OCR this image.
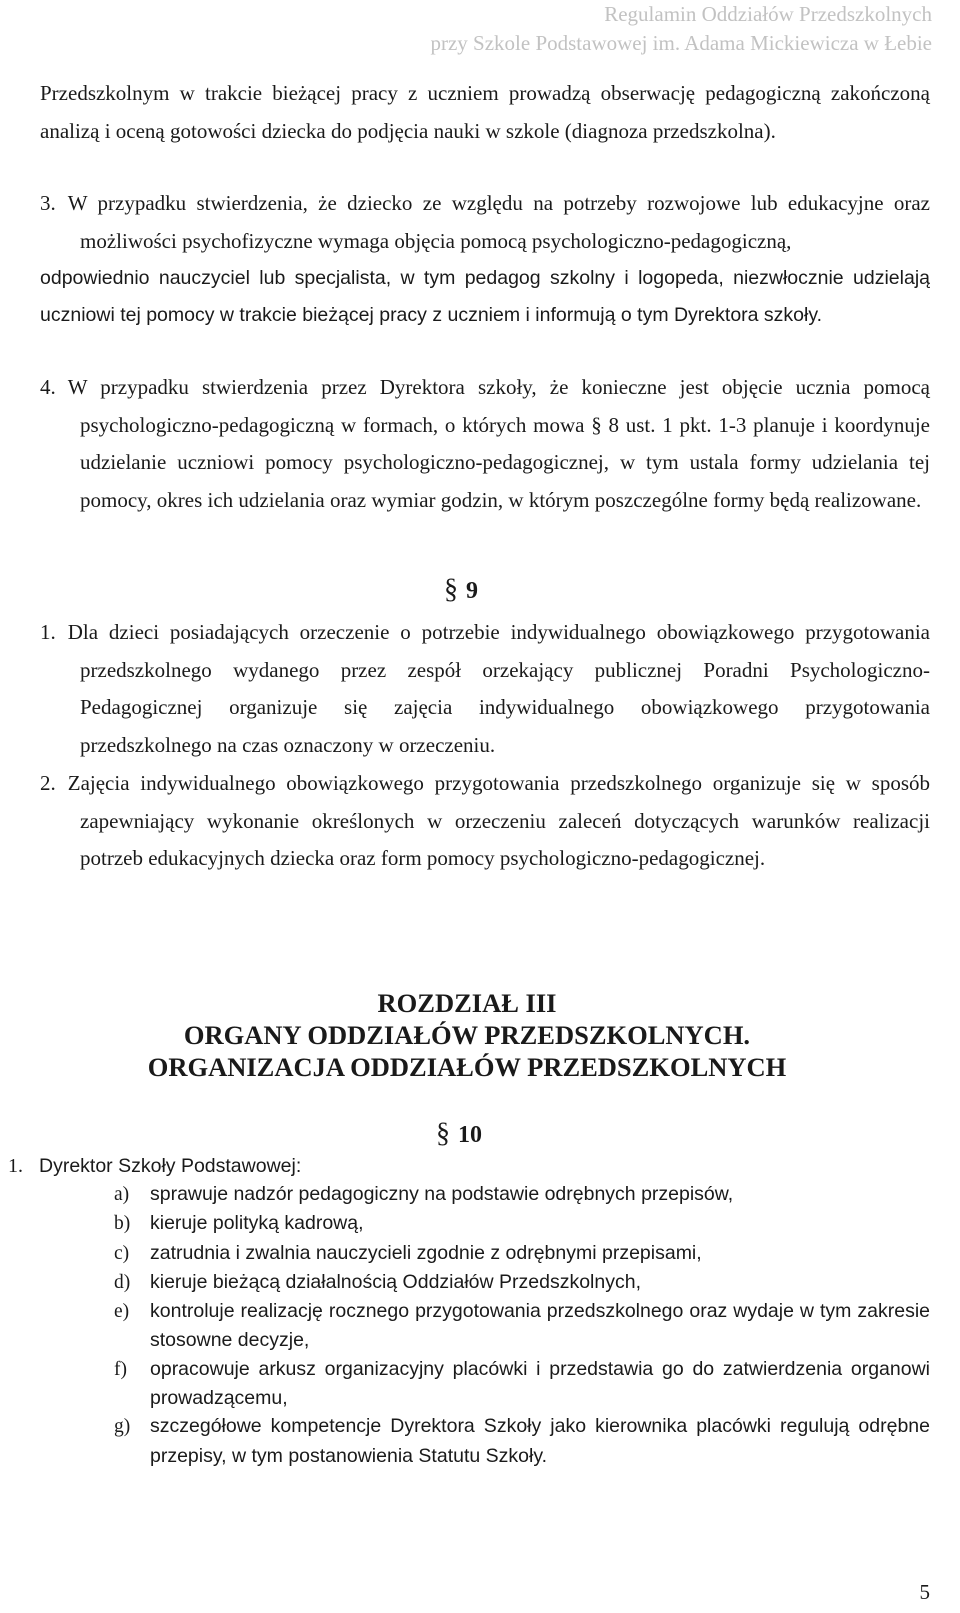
Regulamin Oddziałów Przedszkolnych
przy Szkole Podstawowej im. Adama Mickiewicza w Łebie

Przedszkolnym w trakcie bieżącej pracy z uczniem prowadzą obserwację pedagogiczną zakończoną analizą i oceną gotowości dziecka do podjęcia nauki w szkole (diagnoza przedszkolna).

3. W przypadku stwierdzenia, że dziecko ze względu na potrzeby rozwojowe lub edukacyjne oraz możliwości psychofizyczne wymaga objęcia pomocą psychologiczno-pedagogiczną,

odpowiednio nauczyciel lub specjalista, w tym pedagog szkolny i logopeda, niezwłocznie udzielają uczniowi tej pomocy w trakcie bieżącej pracy z uczniem i informują o tym Dyrektora szkoły.

4. W przypadku stwierdzenia przez Dyrektora szkoły, że konieczne jest objęcie ucznia pomocą psychologiczno-pedagogiczną w formach, o których mowa § 8 ust. 1 pkt. 1-3 planuje i koordynuje udzielanie uczniowi pomocy psychologiczno-pedagogicznej, w tym ustala formy udzielania tej pomocy, okres ich udzielania oraz wymiar godzin, w którym poszczególne formy będą realizowane.

§ 9

1. Dla dzieci posiadających orzeczenie o potrzebie indywidualnego obowiązkowego przygotowania przedszkolnego wydanego przez zespół orzekający publicznej Poradni Psychologiczno-Pedagogicznej organizuje się zajęcia indywidualnego obowiązkowego przygotowania przedszkolnego na czas oznaczony w orzeczeniu.

2. Zajęcia indywidualnego obowiązkowego przygotowania przedszkolnego organizuje się w sposób zapewniający wykonanie określonych w orzeczeniu zaleceń dotyczących warunków realizacji potrzeb edukacyjnych dziecka oraz form pomocy psychologiczno-pedagogicznej.

ROZDZIAŁ III
ORGANY ODDZIAŁÓW PRZEDSZKOLNYCH.
ORGANIZACJA ODDZIAŁÓW PRZEDSZKOLNYCH
§ 10
1. Dyrektor Szkoły Podstawowej:

a) sprawuje nadzór pedagogiczny na podstawie odrębnych przepisów,

b) kieruje polityką kadrową,

c) zatrudnia i zwalnia nauczycieli zgodnie z odrębnymi przepisami,

d) kieruje bieżącą działalnością Oddziałów Przedszkolnych,

e) kontroluje realizację rocznego przygotowania przedszkolnego oraz wydaje w tym zakresie stosowne decyzje,

f) opracowuje arkusz organizacyjny placówki i przedstawia go do zatwierdzenia organowi prowadzącemu,

g) szczegółowe kompetencje Dyrektora Szkoły jako kierownika placówki regulują odrębne przepisy, w tym postanowienia Statutu Szkoły.

5
